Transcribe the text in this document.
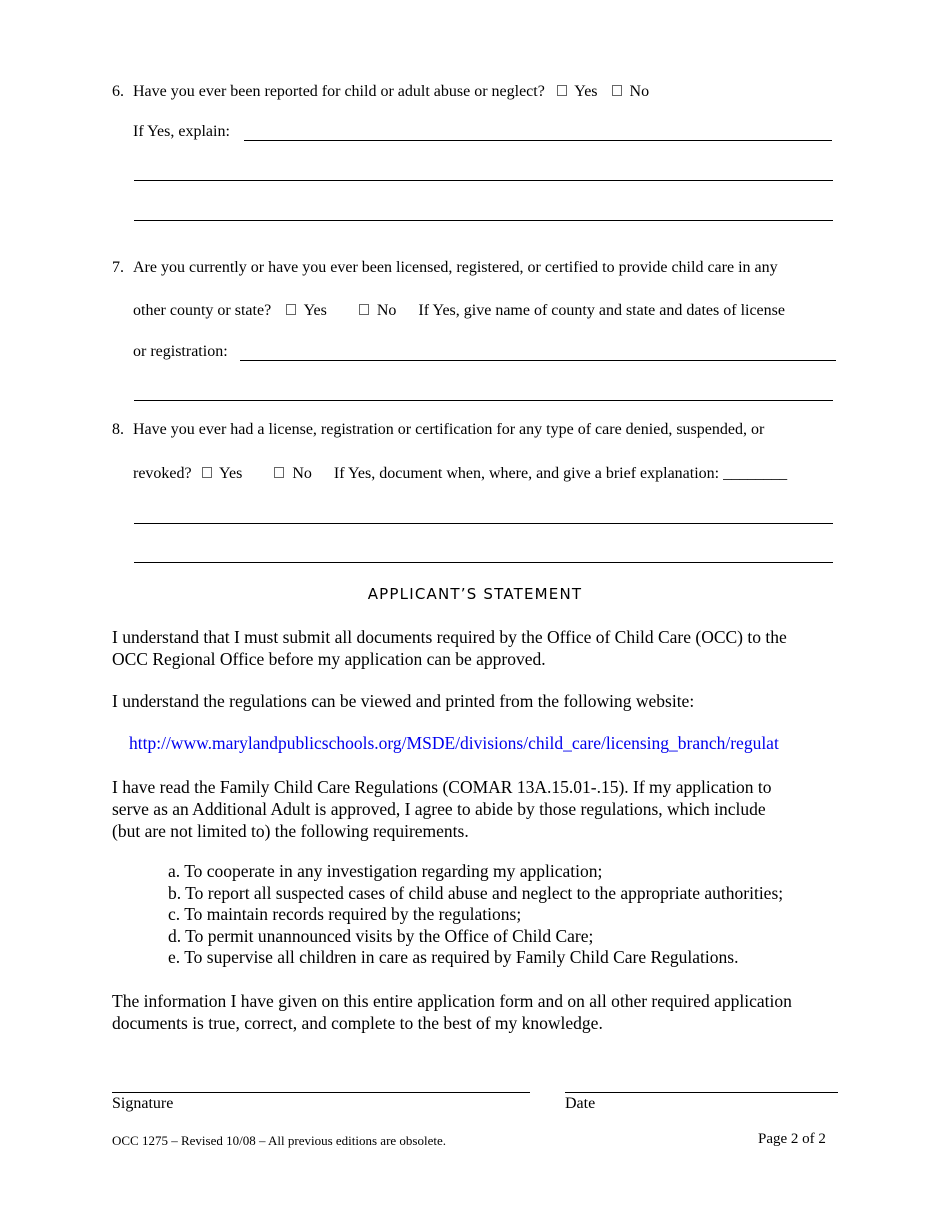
6. Have you ever been reported for child or adult abuse or neglect? Yes No
If Yes, explain:
7. Are you currently or have you ever been licensed, registered, or certified to provide child care in any
other county or state? Yes	No If Yes, give name of county and state and dates of license
or registration:
8. Have you ever had a license, registration or certification for any type of care denied, suspended, or
revoked? Yes	No If Yes, document when, where, and give a brief explanation: ________
APPLICANT’S STATEMENT
I understand that I must submit all documents required by the Office of Child Care (OCC) to the
OCC Regional Office before my application can be approved.
I understand the regulations can be viewed and printed from the following website:
http://www.marylandpublicschools.org/MSDE/divisions/child_care/licensing_branch/regulat
I have read the Family Child Care Regulations (COMAR 13A.15.01-.15). If my application to
serve as an Additional Adult is approved, I agree to abide by those regulations, which include
(but are not limited to) the following requirements.
a. To cooperate in any investigation regarding my application;
b. To report all suspected cases of child abuse and neglect to the appropriate authorities;
c. To maintain records required by the regulations;
d. To permit unannounced visits by the Office of Child Care;
e. To supervise all children in care as required by Family Child Care Regulations.
The information I have given on this entire application form and on all other required application
documents is true, correct, and complete to the best of my knowledge.
Signature	Date
OCC 1275 – Revised 10/08 – All previous editions are obsolete.	Page 2 of 2
